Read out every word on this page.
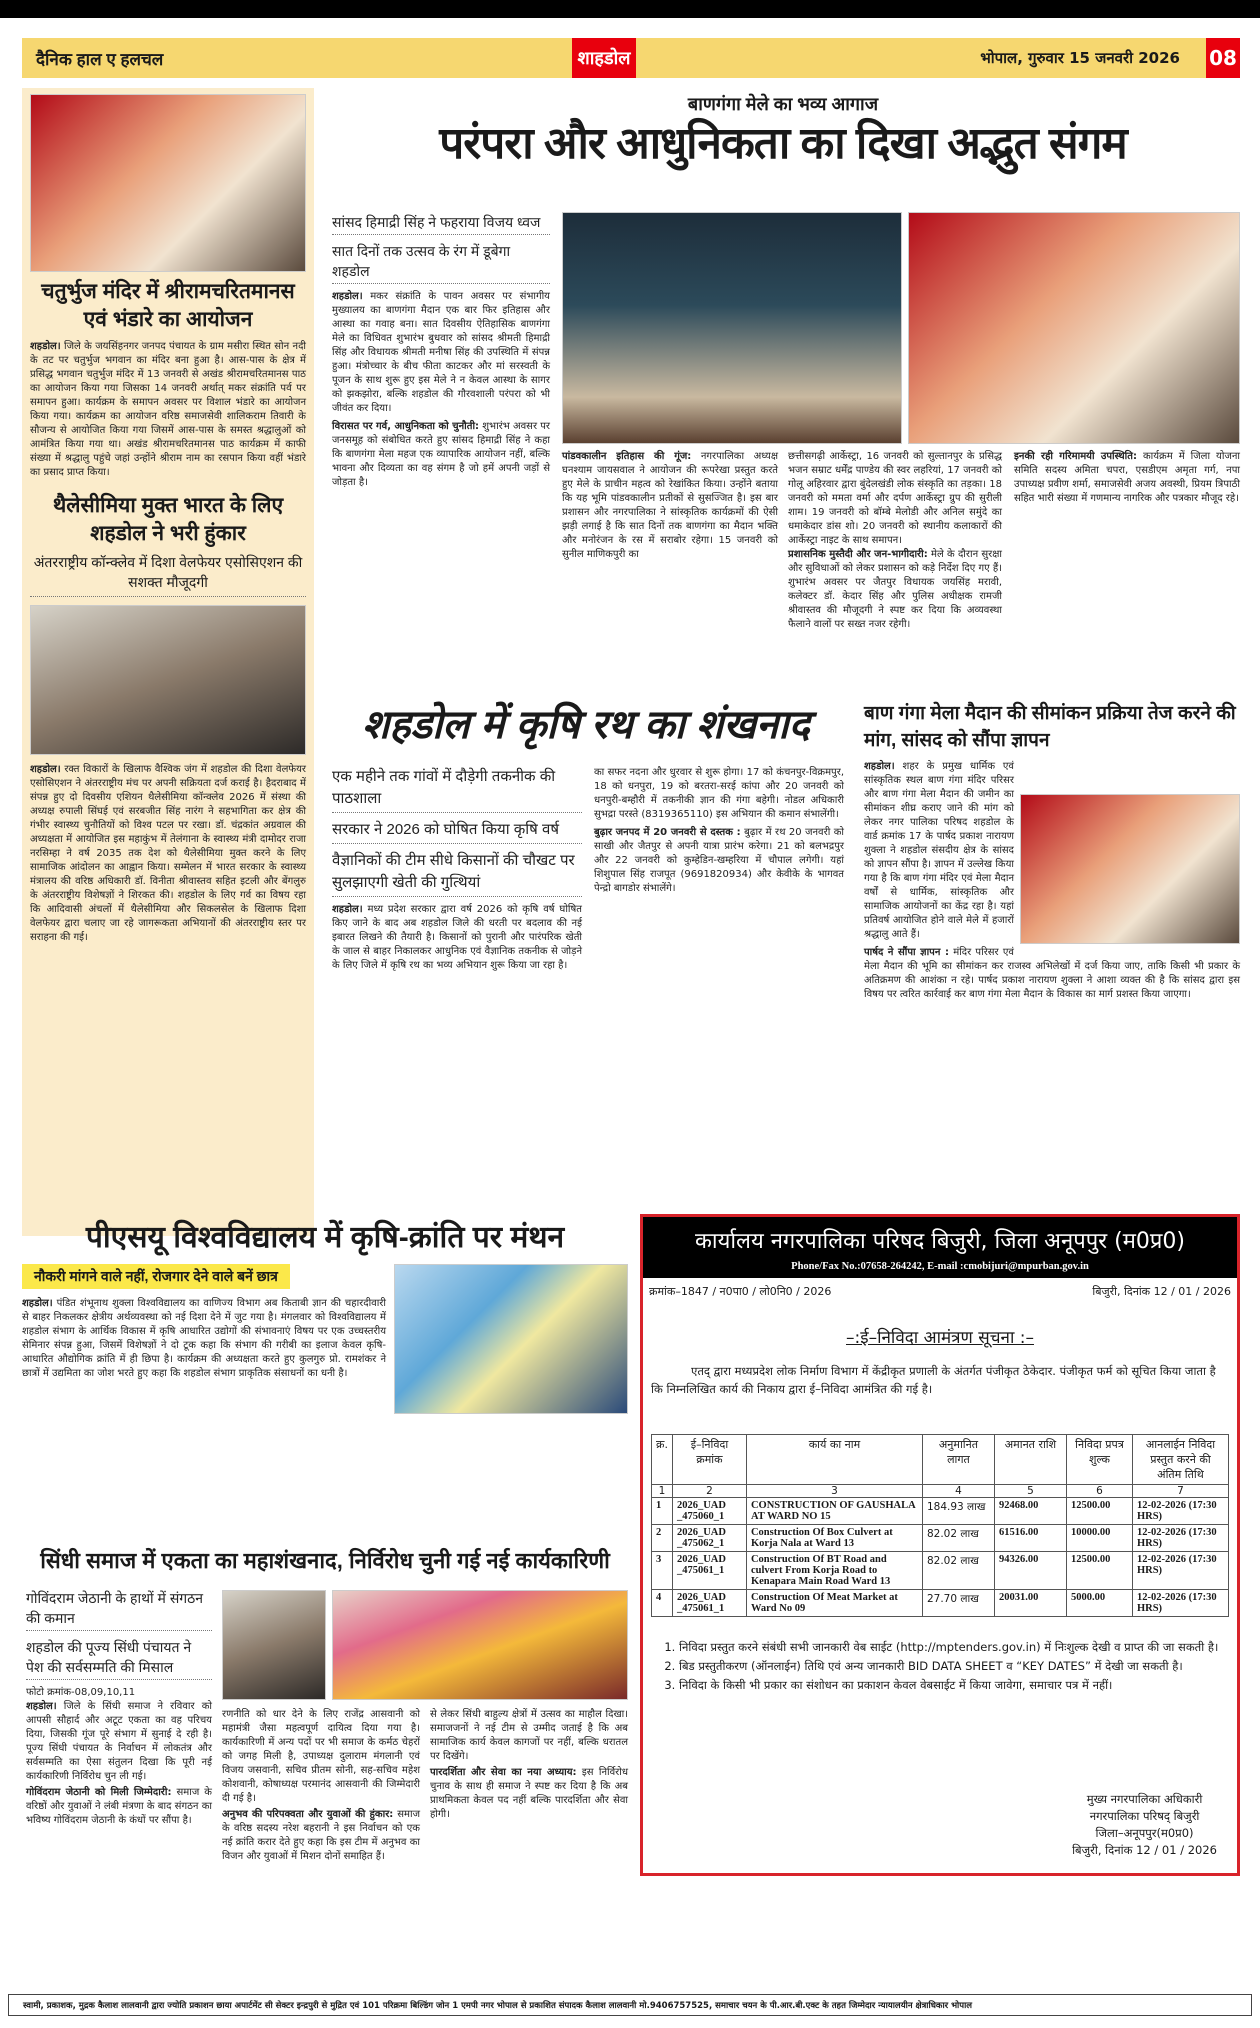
दैनिक हाल ए हलचल	शाहडोल	भोपाल, गुरुवार 15 जनवरी 2026 08
चतुर्भुज मंदिर में श्रीरामचरितमानस एवं भंडारे का आयोजन

शहडोल। जिले के जयसिंहनगर जनपद पंचायत के ग्राम मसीरा स्थित सोन नदी के तट पर चतुर्भुज भगवान का मंदिर बना हुआ है। आस-पास के क्षेत्र में प्रसिद्ध भगवान चतुर्भुज मंदिर में 13 जनवरी से अखंड श्रीरामचरितमानस पाठ का आयोजन किया गया जिसका 14 जनवरी अर्थात् मकर संक्रांति पर्व पर समापन हुआ। कार्यक्रम के समापन अवसर पर विशाल भंडारे का आयोजन किया गया। कार्यक्रम का आयोजन वरिष्ठ समाजसेवी शालिकराम तिवारी के सौजन्य से आयोजित किया गया जिसमें आस-पास के समस्त श्रद्धालुओं को आमंत्रित किया गया था। अखंड श्रीरामचरितमानस पाठ कार्यक्रम में काफी संख्या में श्रद्धालु पहुंचे जहां उन्होंने श्रीराम नाम का रसपान किया वहीं भंडारे का प्रसाद प्राप्त किया।

थैलेसीमिया मुक्त भारत के लिए शहडोल ने भरी हुंकार
अंतरराष्ट्रीय कॉन्क्लेव में दिशा वेलफेयर एसोसिएशन की सशक्त मौजूदगी

शहडोल। रक्त विकारों के खिलाफ वैश्विक जंग में शहडोल की दिशा वेलफेयर एसोसिएशन ने अंतरराष्ट्रीय मंच पर अपनी सक्रियता दर्ज कराई है। हैदराबाद में संपन्न हुए दो दिवसीय एशियन थैलेसीमिया कॉन्क्लेव 2026 में संस्था की अध्यक्ष रुपाली सिंघई एवं सरबजीत सिंह नारंग ने सहभागिता कर क्षेत्र की गंभीर स्वास्थ्य चुनौतियों को विश्व पटल पर रखा। डॉ. चंद्रकांत अग्रवाल की अध्यक्षता में आयोजित इस महाकुंभ में तेलंगाना के स्वास्थ्य मंत्री दामोदर राजा नरसिम्हा ने वर्ष 2035 तक देश को थैलेसीमिया मुक्त करने के लिए सामाजिक आंदोलन का आह्वान किया। सम्मेलन में भारत सरकार के स्वास्थ्य मंत्रालय की वरिष्ठ अधिकारी डॉ. विनीता श्रीवास्तव सहित इटली और बेंगलुरु के अंतरराष्ट्रीय विशेषज्ञों ने शिरकत की। शहडोल के लिए गर्व का विषय रहा कि आदिवासी अंचलों में थैलेसीमिया और सिकलसेल के खिलाफ दिशा वेलफेयर द्वारा चलाए जा रहे जागरूकता अभियानों की अंतरराष्ट्रीय स्तर पर सराहना की गई।

बाणगंगा मेले का भव्य आगाज
परंपरा और आधुनिकता का दिखा अद्भुत संगम
सांसद हिमाद्री सिंह ने फहराया विजय ध्वज
सात दिनों तक उत्सव के रंग में डूबेगा शहडोल

शहडोल। मकर संक्रांति के पावन अवसर पर संभागीय मुख्यालय का बाणगंगा मैदान एक बार फिर इतिहास और आस्था का गवाह बना। सात दिवसीय ऐतिहासिक बाणगंगा मेले का विधिवत शुभारंभ बुधवार को सांसद श्रीमती हिमाद्री सिंह और विधायक श्रीमती मनीषा सिंह की उपस्थिति में संपन्न हुआ। मंत्रोच्चार के बीच फीता काटकर और मां सरस्वती के पूजन के साथ शुरू हुए इस मेले ने न केवल आस्था के सागर को झकझोरा, बल्कि शहडोल की गौरवशाली परंपरा को भी जीवंत कर दिया।

विरासत पर गर्व, आधुनिकता को चुनौती: शुभारंभ अवसर पर जनसमूह को संबोधित करते हुए सांसद हिमाद्री सिंह ने कहा कि बाणगंगा मेला महज एक व्यापारिक आयोजन नहीं, बल्कि भावना और दिव्यता का वह संगम है जो हमें अपनी जड़ों से जोड़ता है।

पांडवकालीन इतिहास की गूंज: नगरपालिका अध्यक्ष घनश्याम जायसवाल ने आयोजन की रूपरेखा प्रस्तुत करते हुए मेले के प्राचीन महत्व को रेखांकित किया। उन्होंने बताया कि यह भूमि पांडवकालीन प्रतीकों से सुसज्जित है। इस बार प्रशासन और नगरपालिका ने सांस्कृतिक कार्यक्रमों की ऐसी झड़ी लगाई है कि सात दिनों तक बाणगंगा का मैदान भक्ति और मनोरंजन के रस में सराबोर रहेगा। 15 जनवरी को सुनील माणिकपुरी का

छत्तीसगढ़ी आर्केस्ट्रा, 16 जनवरी को सुल्तानपुर के प्रसिद्ध भजन सम्राट धर्मेंद्र पाण्डेय की स्वर लहरियां, 17 जनवरी को गोलू अहिरवार द्वारा बुंदेलखंडी लोक संस्कृति का तड़का। 18 जनवरी को ममता वर्मा और दर्पण आर्केस्ट्रा ग्रुप की सुरीली शाम। 19 जनवरी को बॉम्बे मेलोडी और अनिल समुंदे का धमाकेदार डांस शो। 20 जनवरी को स्थानीय कलाकारों की आर्केस्ट्रा नाइट के साथ समापन।

प्रशासनिक मुस्तैदी और जन-भागीदारी: मेले के दौरान सुरक्षा और सुविधाओं को लेकर प्रशासन को कड़े निर्देश दिए गए हैं। शुभारंभ अवसर पर जैतपुर विधायक जयसिंह मरावी, कलेक्टर डॉ. केदार सिंह और पुलिस अधीक्षक रामजी श्रीवास्तव की मौजूदगी ने स्पष्ट कर दिया कि अव्यवस्था फैलाने वालों पर सख्त नजर रहेगी।

इनकी रही गरिमामयी उपस्थिति: कार्यक्रम में जिला योजना समिति सदस्य अमिता चपरा, एसडीएम अमृता गर्ग, नपा उपाध्यक्ष प्रवीण शर्मा, समाजसेवी अजय अवस्थी, प्रियम त्रिपाठी सहित भारी संख्या में गणमान्य नागरिक और पत्रकार मौजूद रहे।

शहडोल में कृषि रथ का शंखनाद
एक महीने तक गांवों में दौड़ेगी तकनीक की पाठशाला
सरकार ने 2026 को घोषित किया कृषि वर्ष
वैज्ञानिकों की टीम सीधे किसानों की चौखट पर सुलझाएगी खेती की गुत्थियां

शहडोल। मध्य प्रदेश सरकार द्वारा वर्ष 2026 को कृषि वर्ष घोषित किए जाने के बाद अब शहडोल जिले की धरती पर बदलाव की नई इबारत लिखने की तैयारी है। किसानों को पुरानी और पारंपरिक खेती के जाल से बाहर निकालकर आधुनिक एवं वैज्ञानिक तकनीक से जोड़ने के लिए जिले में कृषि रथ का भव्य अभियान शुरू किया जा रहा है।

का सफर नदना और धुरवार से शुरू होगा। 17 को कंचनपुर-विक्रमपुर, 18 को धनपुरा, 19 को बरतरा-सरई कांपा और 20 जनवरी को धनपुरी-बम्हौरी में तकनीकी ज्ञान की गंगा बहेगी। नोडल अधिकारी सुभद्रा परस्ते (8319365110) इस अभियान की कमान संभालेंगी।

बुढ़ार जनपद में 20 जनवरी से दस्तक : बुढ़ार में रथ 20 जनवरी को साखी और जैतपुर से अपनी यात्रा प्रारंभ करेगा। 21 को बलभद्रपुर और 22 जनवरी को कुम्हेडिन-खम्हरिया में चौपाल लगेगी। यहां शिशुपाल सिंह राजपूत (9691820934) और केवीके के भागवत पेन्द्रो बागडोर संभालेंगे।

बाण गंगा मेला मैदान की सीमांकन प्रक्रिया तेज करने की मांग, सांसद को सौंपा ज्ञापन

शहडोल। शहर के प्रमुख धार्मिक एवं सांस्कृतिक स्थल बाण गंगा मंदिर परिसर और बाण गंगा मेला मैदान की जमीन का सीमांकन शीघ्र कराए जाने की मांग को लेकर नगर पालिका परिषद शहडोल के वार्ड क्रमांक 17 के पार्षद प्रकाश नारायण शुक्ला ने शहडोल संसदीय क्षेत्र के सांसद को ज्ञापन सौंपा है। ज्ञापन में उल्लेख किया गया है कि बाण गंगा मंदिर एवं मेला मैदान वर्षों से धार्मिक, सांस्कृतिक और सामाजिक आयोजनों का केंद्र रहा है। यहां प्रतिवर्ष आयोजित होने वाले मेले में हजारों श्रद्धालु आते हैं।

पार्षद ने सौंपा ज्ञापन : मंदिर परिसर एवं मेला मैदान की भूमि का सीमांकन कर राजस्व अभिलेखों में दर्ज किया जाए, ताकि किसी भी प्रकार के अतिक्रमण की आशंका न रहे। पार्षद प्रकाश नारायण शुक्ला ने आशा व्यक्त की है कि सांसद द्वारा इस विषय पर त्वरित कार्रवाई कर बाण गंगा मेला मैदान के विकास का मार्ग प्रशस्त किया जाएगा।

पीएसयू विश्वविद्यालय में कृषि-क्रांति पर मंथन
नौकरी मांगने वाले नहीं, रोजगार देने वाले बनें छात्र

शहडोल। पंडित शंभूनाथ शुक्ला विश्वविद्यालय का वाणिज्य विभाग अब किताबी ज्ञान की चहारदीवारी से बाहर निकलकर क्षेत्रीय अर्थव्यवस्था को नई दिशा देने में जुट गया है। मंगलवार को विश्वविद्यालय में शहडोल संभाग के आर्थिक विकास में कृषि आधारित उद्योगों की संभावनाएं विषय पर एक उच्चस्तरीय सेमिनार संपन्न हुआ, जिसमें विशेषज्ञों ने दो टूक कहा कि संभाग की गरीबी का इलाज केवल कृषि-आधारित औद्योगिक क्रांति में ही छिपा है। कार्यक्रम की अध्यक्षता करते हुए कुलगुरु प्रो. रामशंकर ने छात्रों में उद्यमिता का जोश भरते हुए कहा कि शहडोल संभाग प्राकृतिक संसाधनों का धनी है।

सिंधी समाज में एकता का महाशंखनाद, निर्विरोध चुनी गई नई कार्यकारिणी
गोविंदराम जेठानी के हाथों में संगठन की कमान
शहडोल की पूज्य सिंधी पंचायत ने पेश की सर्वसम्मति की मिसाल

फोटो क्रमांक-08,09,10,11

शहडोल। जिले के सिंधी समाज ने रविवार को आपसी सौहार्द और अटूट एकता का वह परिचय दिया, जिसकी गूंज पूरे संभाग में सुनाई दे रही है। पूज्य सिंधी पंचायत के निर्वाचन में लोकतंत्र और सर्वसम्मति का ऐसा संतुलन दिखा कि पूरी नई कार्यकारिणी निर्विरोध चुन ली गई।

गोविंदराम जेठानी को मिली जिम्मेदारी: समाज के वरिष्ठों और युवाओं ने लंबी मंत्रणा के बाद संगठन का भविष्य गोविंदराम जेठानी के कंधों पर सौंपा है।

रणनीति को धार देने के लिए राजेंद्र आसवानी को महामंत्री जैसा महत्वपूर्ण दायित्व दिया गया है। कार्यकारिणी में अन्य पदों पर भी समाज के कर्मठ चेहरों को जगह मिली है, उपाध्यक्ष दुलाराम मंगलानी एवं विजय जसवानी, सचिव प्रीतम सोनी, सह-सचिव महेश कोशवानी, कोषाध्यक्ष परमानंद आसवानी की जिम्मेदारी दी गई है।

अनुभव की परिपक्वता और युवाओं की हुंकार: समाज के वरिष्ठ सदस्य नरेश बहरानी ने इस निर्वाचन को एक नई क्रांति करार देते हुए कहा कि इस टीम में अनुभव का विजन और युवाओं में मिशन दोनों समाहित हैं।

से लेकर सिंधी बाहुल्य क्षेत्रों में उत्सव का माहौल दिखा। समाजजनों ने नई टीम से उम्मीद जताई है कि अब सामाजिक कार्य केवल कागजों पर नहीं, बल्कि धरातल पर दिखेंगे।

पारदर्शिता और सेवा का नया अध्याय: इस निर्विरोध चुनाव के साथ ही समाज ने स्पष्ट कर दिया है कि अब प्राथमिकता केवल पद नहीं बल्कि पारदर्शिता और सेवा होगी।

कार्यालय नगरपालिका परिषद बिजुरी, जिला अनूपपुर (म0प्र0)
Phone/Fax No.:07658-264242, E-mail :cmobijuri@mpurban.gov.in
क्रमांक–1847 / न0पा0 / लो0नि0 / 2026	बिजुरी, दिनांक 12 / 01 / 2026
–:ई–निविदा आमंत्रण सूचना :–

एतद् द्वारा मध्यप्रदेश लोक निर्माण विभाग में केंद्रीकृत प्रणाली के अंतर्गत पंजीकृत ठेकेदार. पंजीकृत फर्म को सूचित किया जाता है कि निम्नलिखित कार्य की निकाय द्वारा ई–निविदा आमंत्रित की गई है।

क्र.	ई–निविदा क्रमांक	कार्य का नाम	अनुमानित लागत	अमानत राशि	निविदा प्रपत्र शुल्क	आनलाईन निविदा प्रस्तुत करने की अंतिम तिथि
1	2	3	4	5	6	7
1	2026_UAD _475060_1	CONSTRUCTION OF GAUSHALA AT WARD NO 15	184.93 लाख	92468.00	12500.00	12-02-2026 (17:30 HRS)
2	2026_UAD _475062_1	Construction Of Box Culvert at Korja Nala at Ward 13	82.02 लाख	61516.00	10000.00	12-02-2026 (17:30 HRS)
3	2026_UAD _475061_1	Construction Of BT Road and culvert From Korja Road to Kenapara Main Road Ward 13	82.02 लाख	94326.00	12500.00	12-02-2026 (17:30 HRS)
4	2026_UAD _475061_1	Construction Of Meat Market at Ward No 09	27.70 लाख	20031.00	5000.00	12-02-2026 (17:30 HRS)
1. निविदा प्रस्तुत करने संबंधी सभी जानकारी वेब साईट (http://mptenders.gov.in) में निःशुल्क देखी व प्राप्त की जा सकती है।
2. बिड प्रस्तुतीकरण (ऑनलाईन) तिथि एवं अन्य जानकारी BID DATA SHEET व “KEY DATES” में देखी जा सकती है।
3. निविदा के किसी भी प्रकार का संशोधन का प्रकाशन केवल वेबसाईट में किया जावेगा, समाचार पत्र में नहीं।
मुख्य नगरपालिका अधिकारी
नगरपालिका परिषद् बिजुरी
जिला–अनूपपुर(म0प्र0)
बिजुरी, दिनांक 12 / 01 / 2026
स्वामी, प्रकाशक, मुद्रक कैलाश लालवानी द्वारा ज्योति प्रकाशन छाया अपार्टमेंट सी सेक्टर इन्द्रपुरी से मुद्रित एवं 101 परिक्रमा बिल्डिंग जोन 1 एमपी नगर भोपाल से प्रकाशित संपादक कैलाश लालवानी मो.9406757525, समाचार चयन के पी.आर.बी.एक्ट के तहत जिम्मेदार न्यायालयीन क्षेत्राधिकार भोपाल
